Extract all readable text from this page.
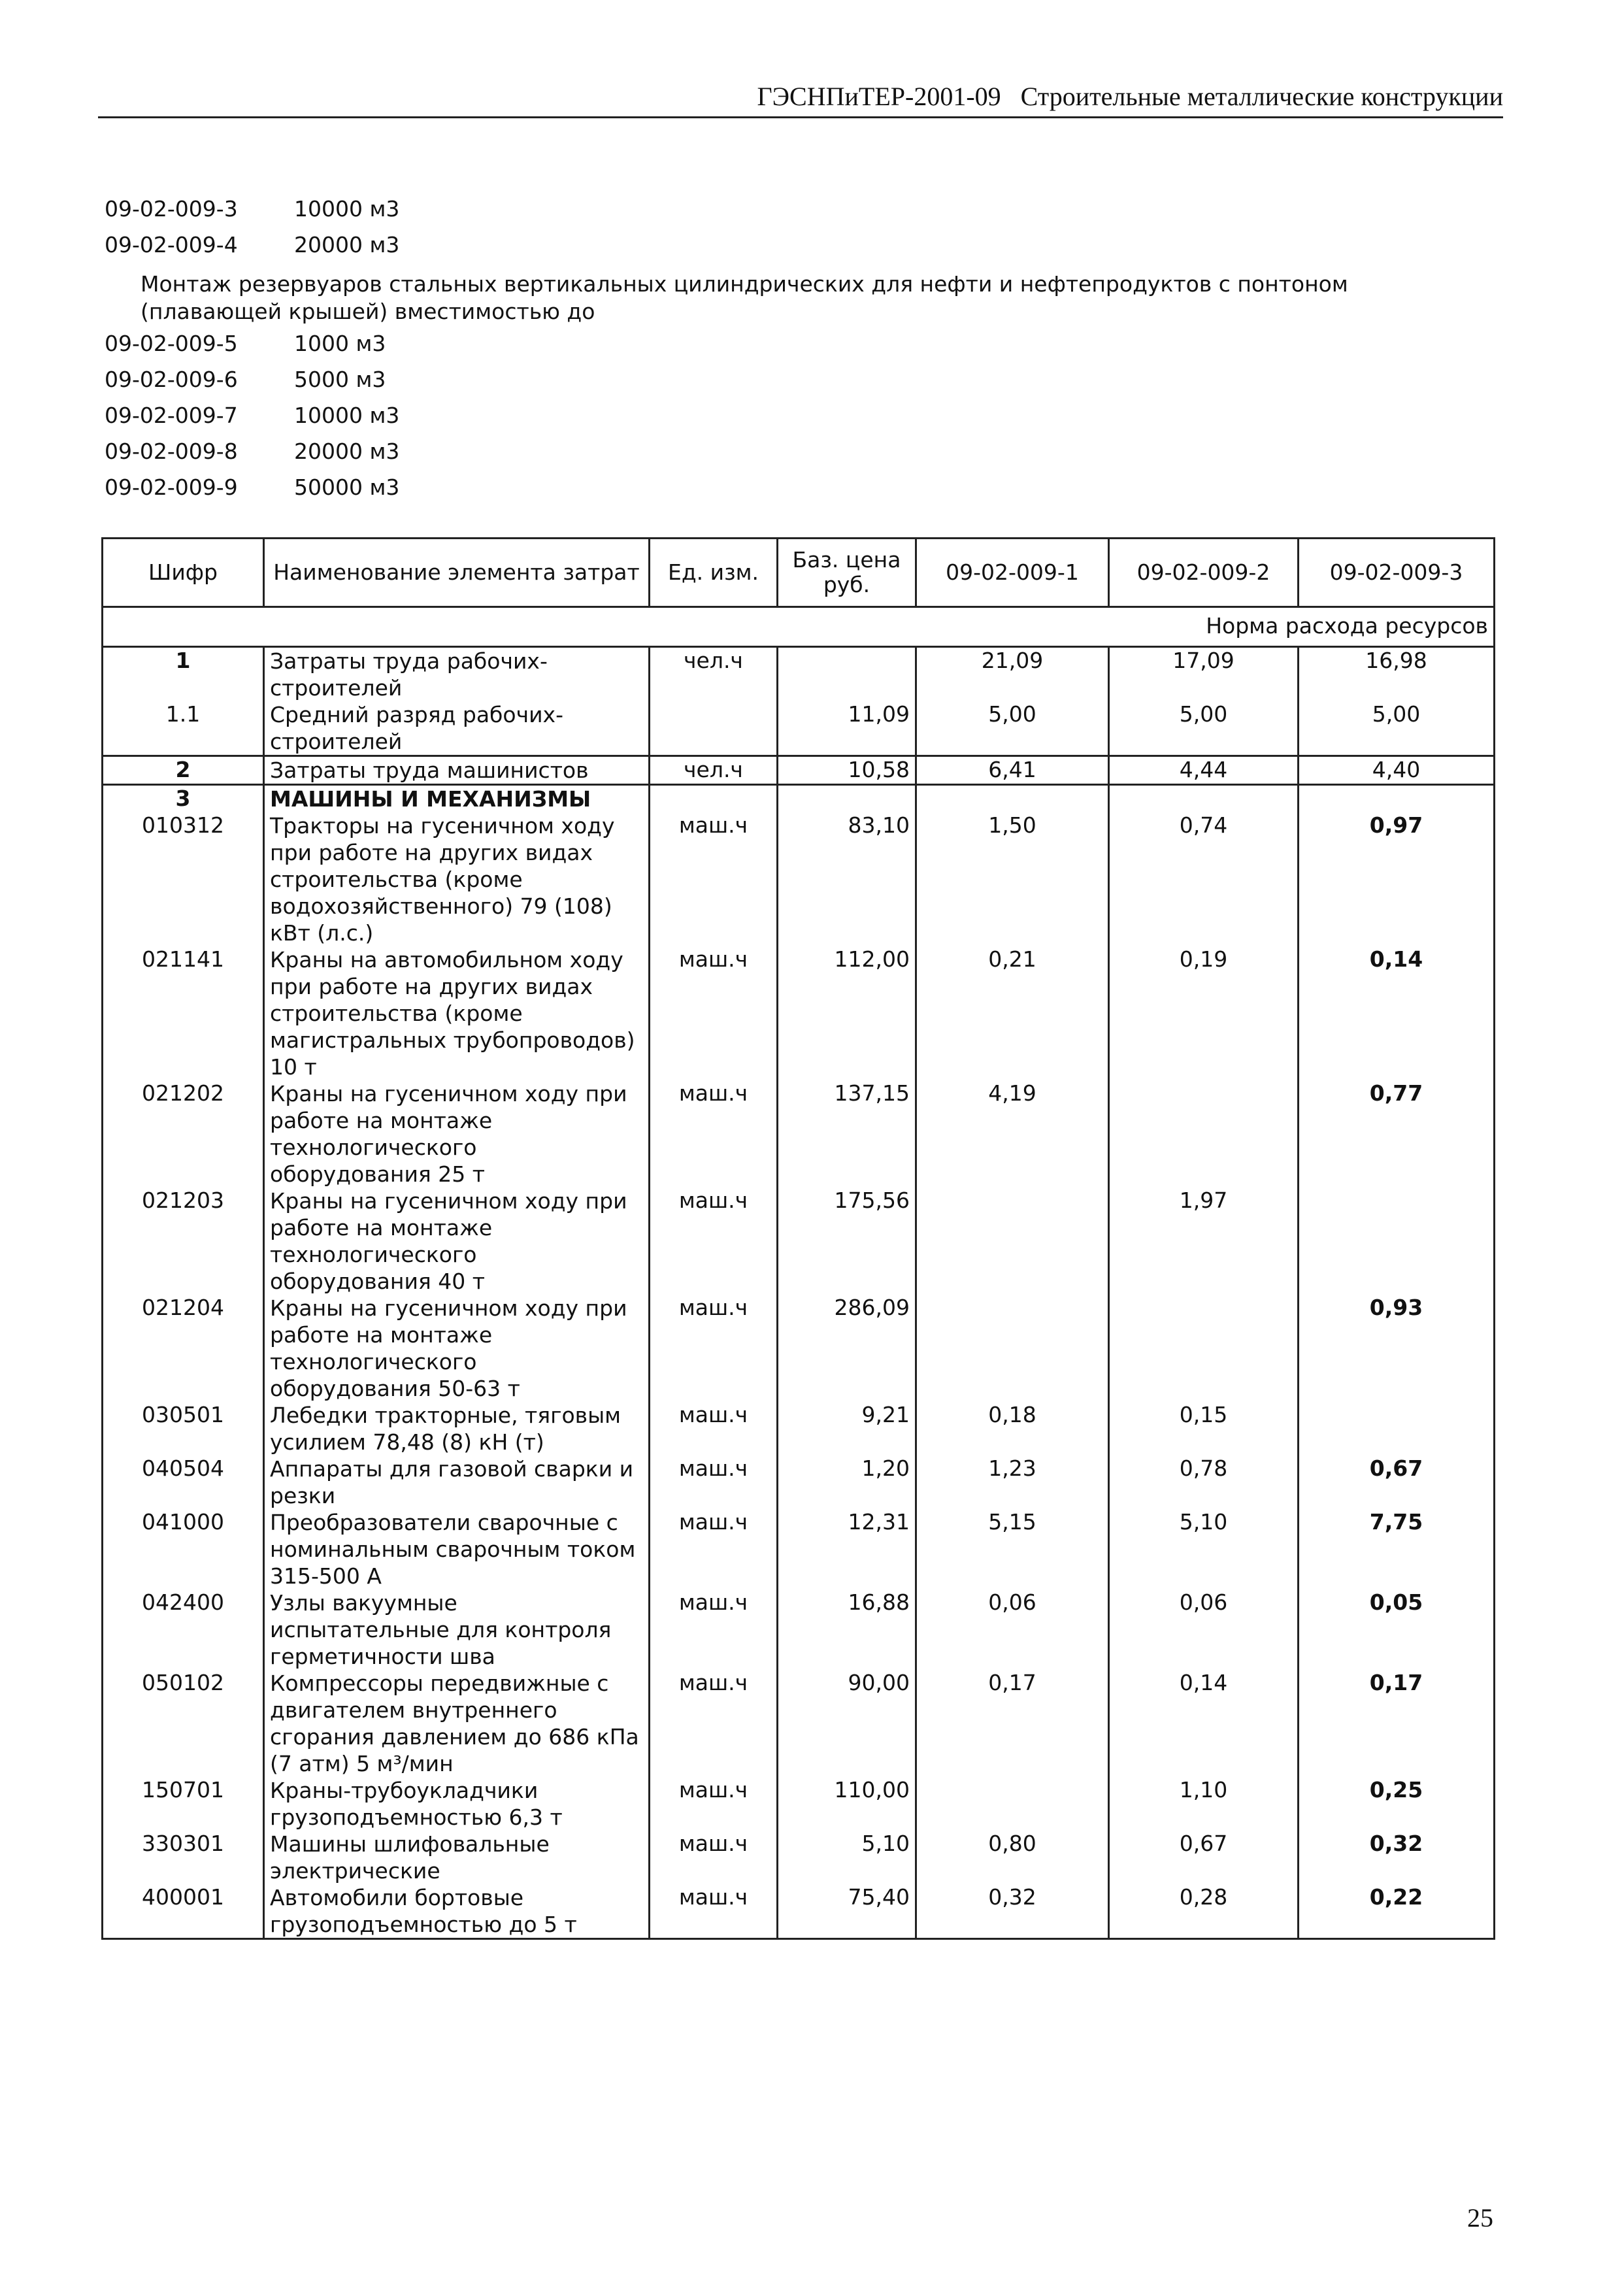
ГЭСНПиТЕР-2001-09 Строительные металлические конструкции
09-02-009-3	10000 м3
09-02-009-4	20000 м3
Монтаж резервуаров стальных вертикальных цилиндрических для нефти и нефтепродуктов с понтоном (плавающей крышей) вместимостью до
09-02-009-5	1000 м3
09-02-009-6	5000 м3
09-02-009-7	10000 м3
09-02-009-8	20000 м3
09-02-009-9	50000 м3
Шифр	Наименование элемента затрат	Ед. изм.	Баз. цена руб.	09-02-009-1	09-02-009-2	09-02-009-3
Норма расхода ресурсов						
1	Затраты труда рабочих-строителей	чел.ч		21,09	17,09	16,98
1.1	Средний разряд рабочих-строителей		11,09	5,00	5,00	5,00
2	Затраты труда машинистов	чел.ч	10,58	6,41	4,44	4,40
3	МАШИНЫ И МЕХАНИЗМЫ					
010312	Тракторы на гусеничном ходу при работе на других видах строительства (кроме водохозяйственного) 79 (108) кВт (л.с.)	маш.ч	83,10	1,50	0,74	0,97
021141	Краны на автомобильном ходу при работе на других видах строительства (кроме магистральных трубопроводов) 10 т	маш.ч	112,00	0,21	0,19	0,14
021202	Краны на гусеничном ходу при работе на монтаже технологического оборудования 25 т	маш.ч	137,15	4,19		0,77
021203	Краны на гусеничном ходу при работе на монтаже технологического оборудования 40 т	маш.ч	175,56		1,97	
021204	Краны на гусеничном ходу при работе на монтаже технологического оборудования 50-63 т	маш.ч	286,09			0,93
030501	Лебедки тракторные, тяговым усилием 78,48 (8) кН (т)	маш.ч	9,21	0,18	0,15	
040504	Аппараты для газовой сварки и резки	маш.ч	1,20	1,23	0,78	0,67
041000	Преобразователи сварочные с номинальным сварочным током 315-500 А	маш.ч	12,31	5,15	5,10	7,75
042400	Узлы вакуумные испытательные для контроля герметичности шва	маш.ч	16,88	0,06	0,06	0,05
050102	Компрессоры передвижные с двигателем внутреннего сгорания давлением до 686 кПа (7 атм) 5 м³/мин	маш.ч	90,00	0,17	0,14	0,17
150701	Краны-трубоукладчики грузоподъемностью 6,3 т	маш.ч	110,00		1,10	0,25
330301	Машины шлифовальные электрические	маш.ч	5,10	0,80	0,67	0,32
400001	Автомобили бортовые грузоподъемностью до 5 т	маш.ч	75,40	0,32	0,28	0,22
25
